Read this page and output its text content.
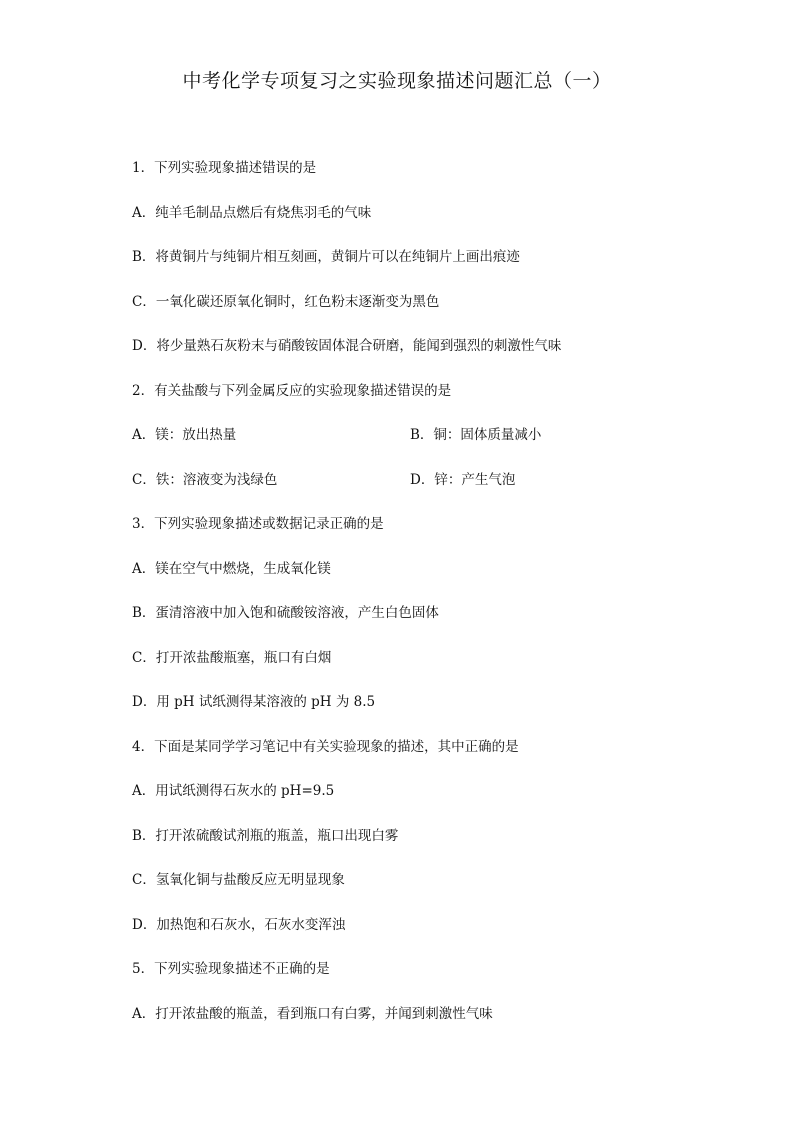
中考化学专项复习之实验现象描述问题汇总（一）
1．下列实验现象描述错误的是
A．纯羊毛制品点燃后有烧焦羽毛的气味
B．将黄铜片与纯铜片相互刻画，黄铜片可以在纯铜片上画出痕迹
C．一氧化碳还原氧化铜时，红色粉末逐渐变为黑色
D．将少量熟石灰粉末与硝酸铵固体混合研磨，能闻到强烈的刺激性气味
2．有关盐酸与下列金属反应的实验现象描述错误的是
A．镁：放出热量	B．铜：固体质量减小
C．铁：溶液变为浅绿色	D．锌：产生气泡
3．下列实验现象描述或数据记录正确的是
A．镁在空气中燃烧，生成氧化镁
B．蛋清溶液中加入饱和硫酸铵溶液，产生白色固体
C．打开浓盐酸瓶塞，瓶口有白烟
D．用 pH 试纸测得某溶液的 pH 为 8.5
4．下面是某同学学习笔记中有关实验现象的描述，其中正确的是
A．用试纸测得石灰水的 pH=9.5
B．打开浓硫酸试剂瓶的瓶盖，瓶口出现白雾
C．氢氧化铜与盐酸反应无明显现象
D．加热饱和石灰水，石灰水变浑浊
5．下列实验现象描述不正确的是
A．打开浓盐酸的瓶盖，看到瓶口有白雾，并闻到刺激性气味
